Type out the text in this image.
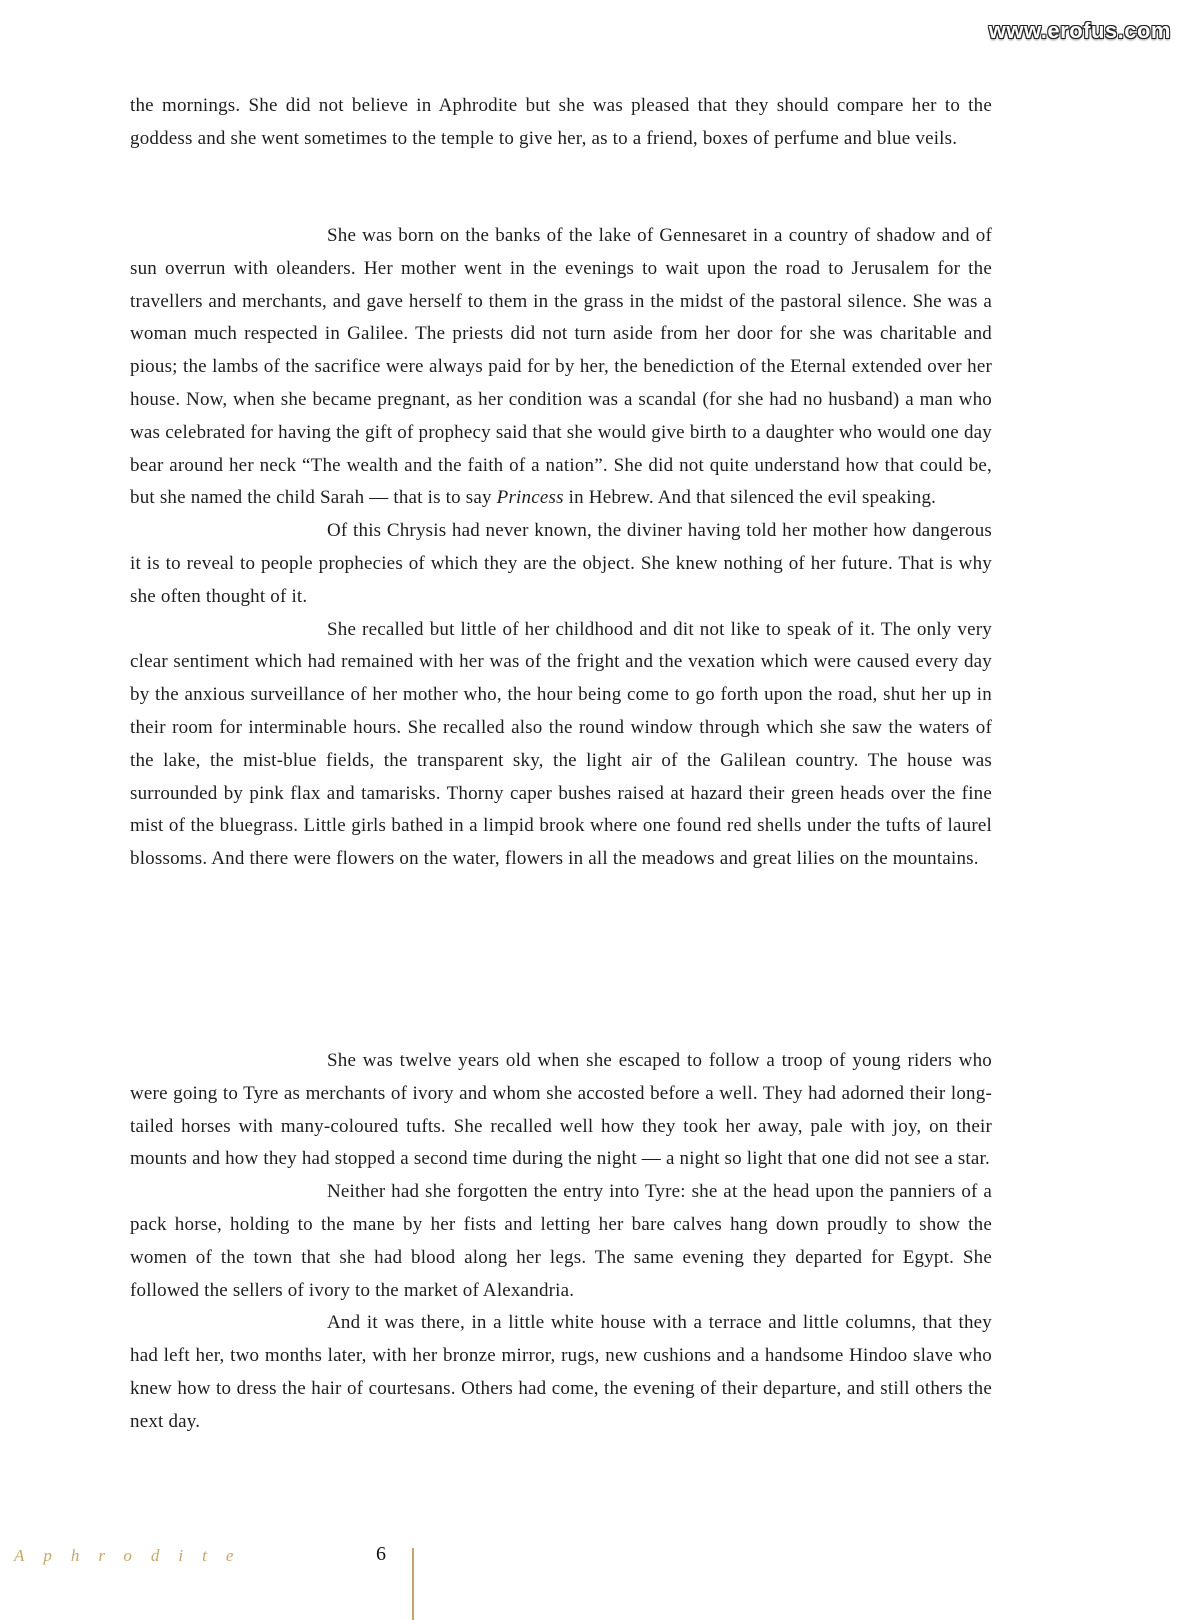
www.erofus.com

the mornings. She did not believe in Aphrodite but she was pleased that they should compare her to the goddess and she went sometimes to the temple to give her, as to a friend, boxes of perfume and blue veils.

She was born on the banks of the lake of Gennesaret in a country of shadow and of sun overrun with oleanders. Her mother went in the evenings to wait upon the road to Jerusalem for the travellers and merchants, and gave herself to them in the grass in the midst of the pastoral silence. She was a woman much respected in Galilee. The priests did not turn aside from her door for she was charitable and pious; the lambs of the sacrifice were always paid for by her, the benediction of the Eternal extended over her house. Now, when she became pregnant, as her condition was a scandal (for she had no husband) a man who was celebrated for having the gift of prophecy said that she would give birth to a daughter who would one day bear around her neck “The wealth and the faith of a nation”. She did not quite understand how that could be, but she named the child Sarah — that is to say Princess in Hebrew. And that silenced the evil speaking.

Of this Chrysis had never known, the diviner having told her mother how dangerous it is to reveal to people prophecies of which they are the object. She knew nothing of her future. That is why she often thought of it.

She recalled but little of her childhood and dit not like to speak of it. The only very clear sentiment which had remained with her was of the fright and the vexation which were caused every day by the anxious surveillance of her mother who, the hour being come to go forth upon the road, shut her up in their room for interminable hours. She recalled also the round window through which she saw the waters of the lake, the mist-blue fields, the transparent sky, the light air of the Galilean country. The house was surrounded by pink flax and tamarisks. Thorny caper bushes raised at hazard their green heads over the fine mist of the bluegrass. Little girls bathed in a limpid brook where one found red shells under the tufts of laurel blossoms. And there were flowers on the water, flowers in all the meadows and great lilies on the mountains.

She was twelve years old when she escaped to follow a troop of young riders who were going to Tyre as merchants of ivory and whom she accosted before a well. They had adorned their long-tailed horses with many-coloured tufts. She recalled well how they took her away, pale with joy, on their mounts and how they had stopped a second time during the night — a night so light that one did not see a star.

Neither had she forgotten the entry into Tyre: she at the head upon the panniers of a pack horse, holding to the mane by her fists and letting her bare calves hang down proudly to show the women of the town that she had blood along her legs. The same evening they departed for Egypt. She followed the sellers of ivory to the market of Alexandria.

And it was there, in a little white house with a terrace and little columns, that they had left her, two months later, with her bronze mirror, rugs, new cushions and a handsome Hindoo slave who knew how to dress the hair of courtesans. Others had come, the evening of their departure, and still others the next day.

Aphrodite	6
